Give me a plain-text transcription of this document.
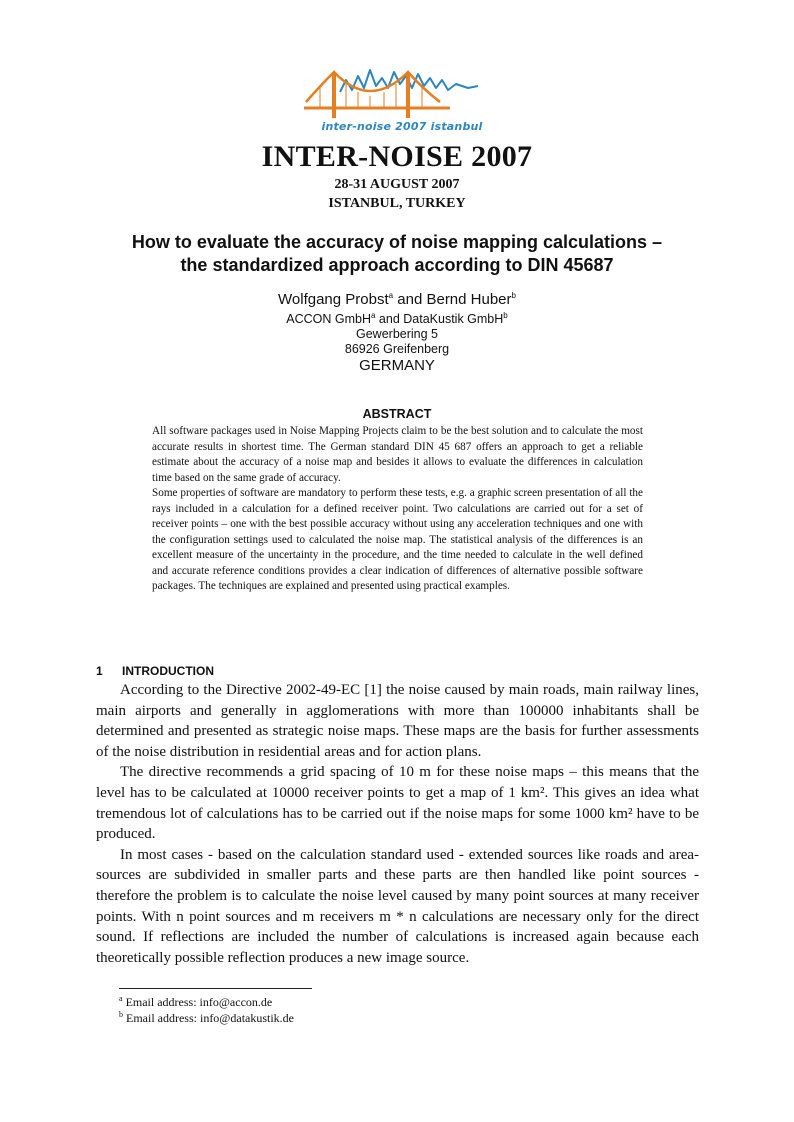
inter-noise 2007 istanbul
INTER-NOISE 2007
28-31 AUGUST 2007
ISTANBUL, TURKEY
How to evaluate the accuracy of noise mapping calculations –
the standardized approach according to DIN 45687
Wolfgang Probst$^a$ and Bernd Huber$^b$
ACCON GmbH$^a$ and DataKustik GmbH$^b$
Gewerbering 5
86926 Greifenberg
GERMANY
ABSTRACT

All software packages used in Noise Mapping Projects claim to be the best solution and to calculate the most accurate results in shortest time. The German standard DIN 45 687 offers an approach to get a reliable estimate about the accuracy of a noise map and besides it allows to evaluate the differences in calculation time based on the same grade of accuracy.

Some properties of software are mandatory to perform these tests, e.g. a graphic screen presentation of all the rays included in a calculation for a defined receiver point. Two calculations are carried out for a set of receiver points – one with the best possible accuracy without using any acceleration techniques and one with the configuration settings used to calculated the noise map. The statistical analysis of the differences is an excellent measure of the uncertainty in the procedure, and the time needed to calculate in the well defined and accurate reference conditions provides a clear indication of differences of alternative possible software packages. The techniques are explained and presented using practical examples.

1 INTRODUCTION

According to the Directive 2002-49-EC [1] the noise caused by main roads, main railway lines, main airports and generally in agglomerations with more than 100000 inhabitants shall be determined and presented as strategic noise maps. These maps are the basis for further assessments of the noise distribution in residential areas and for action plans.

The directive recommends a grid spacing of 10 m for these noise maps – this means that the level has to be calculated at 10000 receiver points to get a map of 1 km². This gives an idea what tremendous lot of calculations has to be carried out if the noise maps for some 1000 km² have to be produced.

In most cases - based on the calculation standard used - extended sources like roads and area-sources are subdivided in smaller parts and these parts are then handled like point sources - therefore the problem is to calculate the noise level caused by many point sources at many receiver points. With n point sources and m receivers m * n calculations are necessary only for the direct sound. If reflections are included the number of calculations is increased again because each theoretically possible reflection produces a new image source.

$^a$ Email address: info@accon.de
$^b$ Email address: info@datakustik.de
